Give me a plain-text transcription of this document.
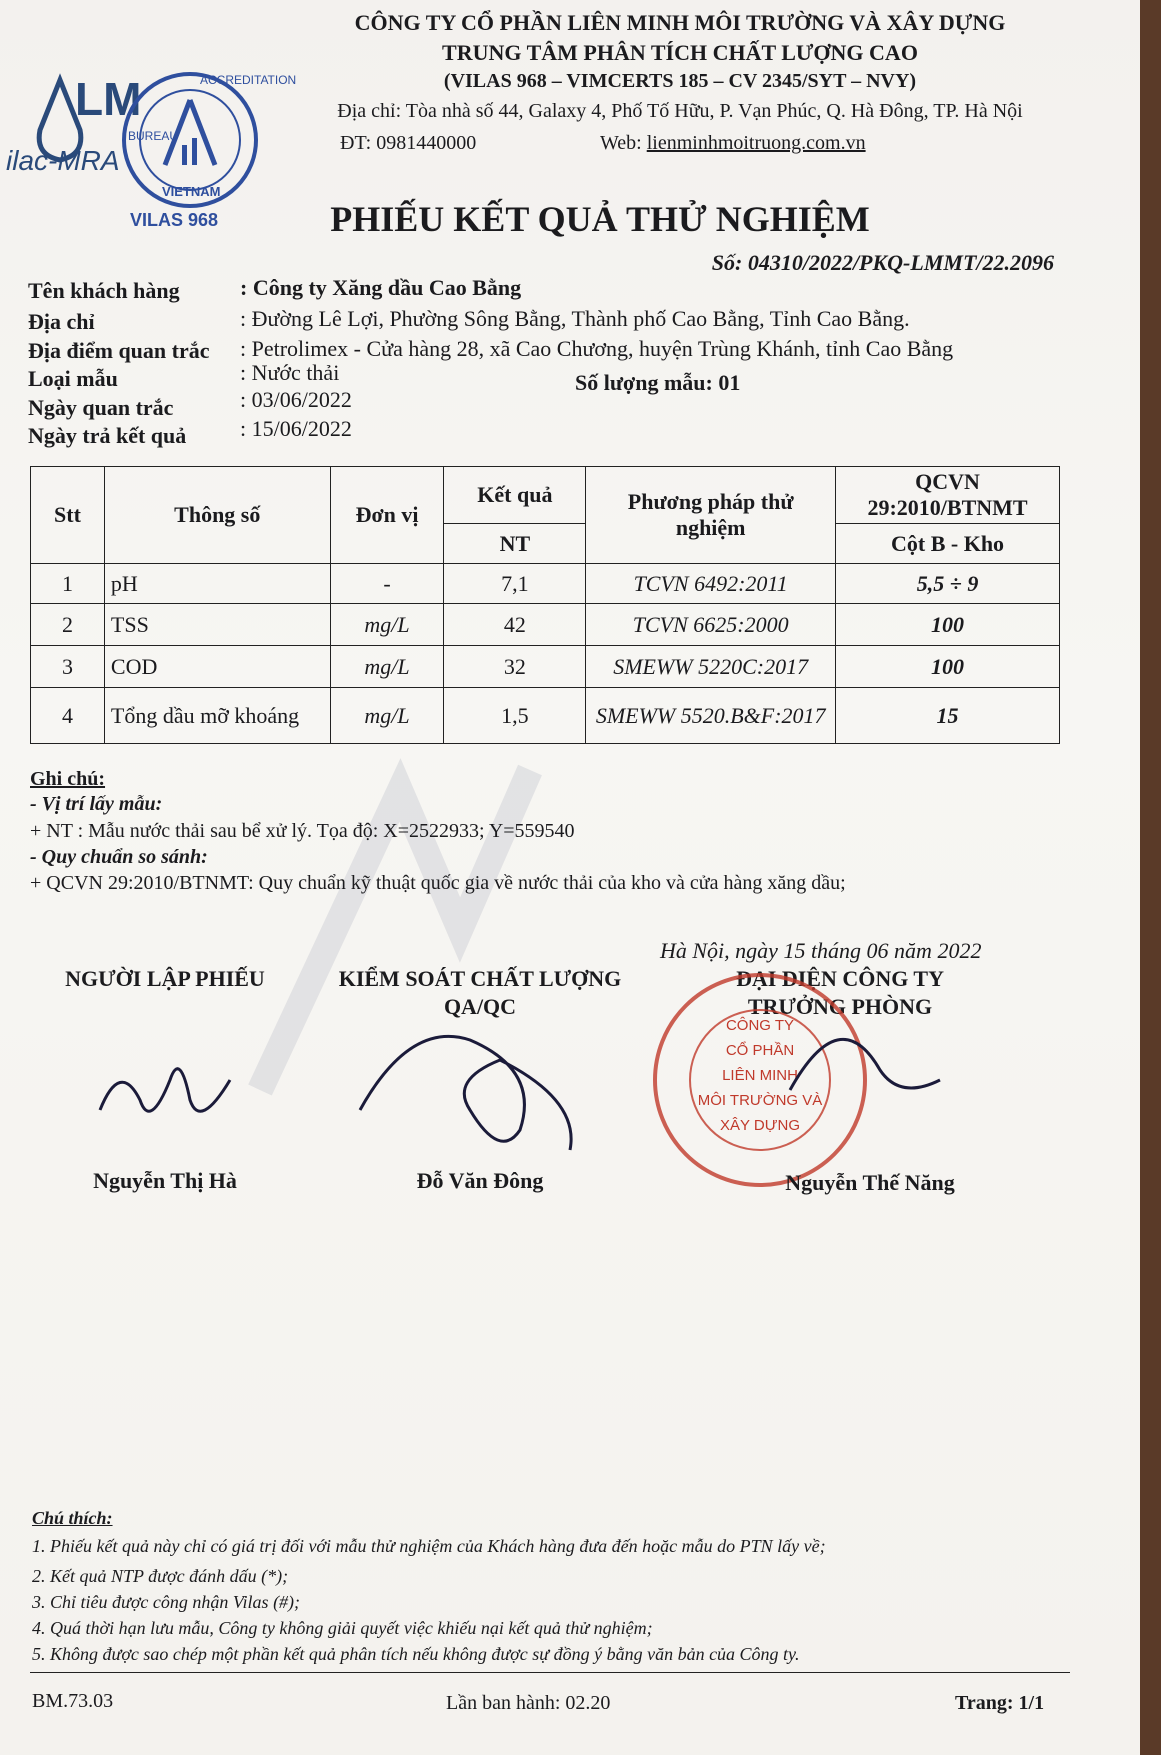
LM
ilac-MRA
ACCREDITATION
BUREAU
VIETNAM
VILAS 968
CÔNG TY CỔ PHẦN LIÊN MINH MÔI TRƯỜNG VÀ XÂY DỰNG
TRUNG TÂM PHÂN TÍCH CHẤT LƯỢNG CAO
(VILAS 968 – VIMCERTS 185 – CV 2345/SYT – NVY)
Địa chỉ: Tòa nhà số 44, Galaxy 4, Phố Tố Hữu, P. Vạn Phúc, Q. Hà Đông, TP. Hà Nội
ĐT: 0981440000	Web: lienminhmoitruong.com.vn
PHIẾU KẾT QUẢ THỬ NGHIỆM
Số: 04310/2022/PKQ-LMMT/22.2096
Tên khách hàng	: Công ty Xăng dầu Cao Bằng
Địa chỉ	: Đường Lê Lợi, Phường Sông Bằng, Thành phố Cao Bằng, Tỉnh Cao Bằng.
Địa điểm quan trắc : Petrolimex - Cửa hàng 28, xã Cao Chương, huyện Trùng Khánh, tỉnh Cao Bằng
Loại mẫu	: Nước thải	Số lượng mẫu: 01
Ngày quan trắc	: 03/06/2022
Ngày trả kết quả : 15/06/2022
Stt	Thông số	Đơn vị	Kết quả	Phương pháp thử nghiệm	QCVN 29:2010/BTNMT
			NT		Cột B - Kho
1	pH	-	7,1	TCVN 6492:2011	5,5 ÷ 9
2	TSS	mg/L	42	TCVN 6625:2000	100
3	COD	mg/L	32	SMEWW 5220C:2017	100
4	Tổng dầu mỡ khoáng	mg/L	1,5	SMEWW 5520.B&F:2017	15
Ghi chú:
- Vị trí lấy mẫu:
+ NT : Mẫu nước thải sau bể xử lý. Tọa độ: X=2522933; Y=559540
- Quy chuẩn so sánh:
+ QCVN 29:2010/BTNMT: Quy chuẩn kỹ thuật quốc gia về nước thải của kho và cửa hàng xăng dầu;
Hà Nội, ngày 15 tháng 06 năm 2022
NGƯỜI LẬP PHIẾU	KIỂM SOÁT CHẤT LƯỢNG
QA/QC
ĐẠI DIỆN CÔNG TY
TRƯỞNG PHÒNG
CÔNG TY
CỔ PHẦN
LIÊN MINH
MÔI TRƯỜNG VÀ
XÂY DỰNG
Nguyễn Thị Hà	Đỗ Văn Đông	Nguyễn Thế Năng
Chú thích:
1. Phiếu kết quả này chỉ có giá trị đối với mẫu thử nghiệm của Khách hàng đưa đến hoặc mẫu do PTN lấy về;
2. Kết quả NTP được đánh dấu (*);
3. Chỉ tiêu được công nhận Vilas (#);
4. Quá thời hạn lưu mẫu, Công ty không giải quyết việc khiếu nại kết quả thử nghiệm;
5. Không được sao chép một phần kết quả phân tích nếu không được sự đồng ý bằng văn bản của Công ty.
BM.73.03	Lần ban hành: 02.20	Trang: 1/1
